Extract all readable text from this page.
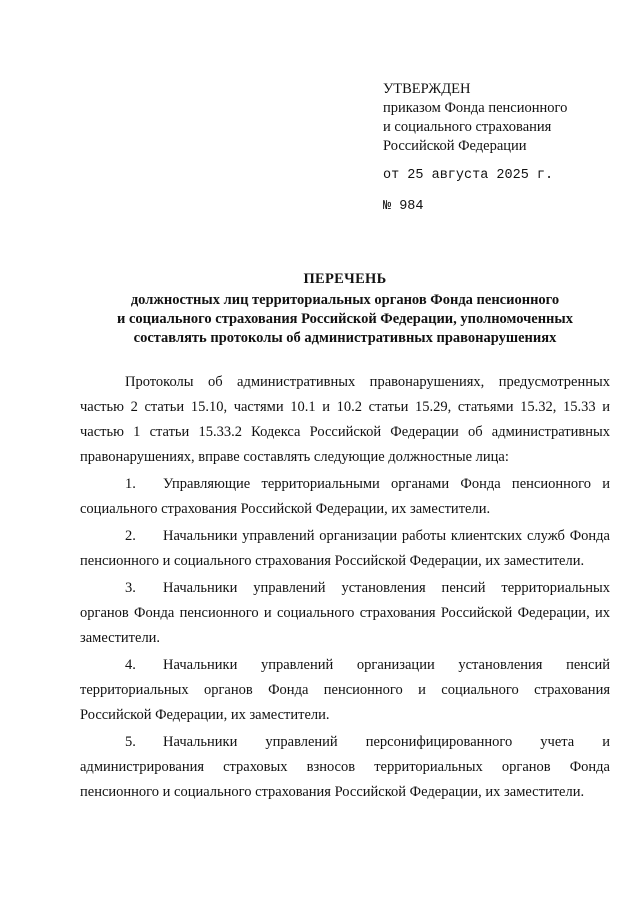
УТВЕРЖДЕН
приказом Фонда пенсионного
и социального страхования
Российской Федерации
от 25 августа 2025 г.
№ 984
ПЕРЕЧЕНЬ
должностных лиц территориальных органов Фонда пенсионного
и социального страхования Российской Федерации, уполномоченных
составлять протоколы об административных правонарушениях

Протоколы об административных правонарушениях, предусмотренных частью 2 статьи 15.10, частями 10.1 и 10.2 статьи 15.29, статьями 15.32, 15.33 и частью 1 статьи 15.33.2 Кодекса Российской Федерации об административных правонарушениях, вправе составлять следующие должностные лица:

1. Управляющие территориальными органами Фонда пенсионного и социального страхования Российской Федерации, их заместители.

2. Начальники управлений организации работы клиентских служб Фонда пенсионного и социального страхования Российской Федерации, их заместители.

3. Начальники управлений установления пенсий территориальных органов Фонда пенсионного и социального страхования Российской Федерации, их заместители.

4. Начальники управлений организации установления пенсий территориальных органов Фонда пенсионного и социального страхования Российской Федерации, их заместители.

5. Начальники управлений персонифицированного учета и администрирования страховых взносов территориальных органов Фонда пенсионного и социального страхования Российской Федерации, их заместители.
